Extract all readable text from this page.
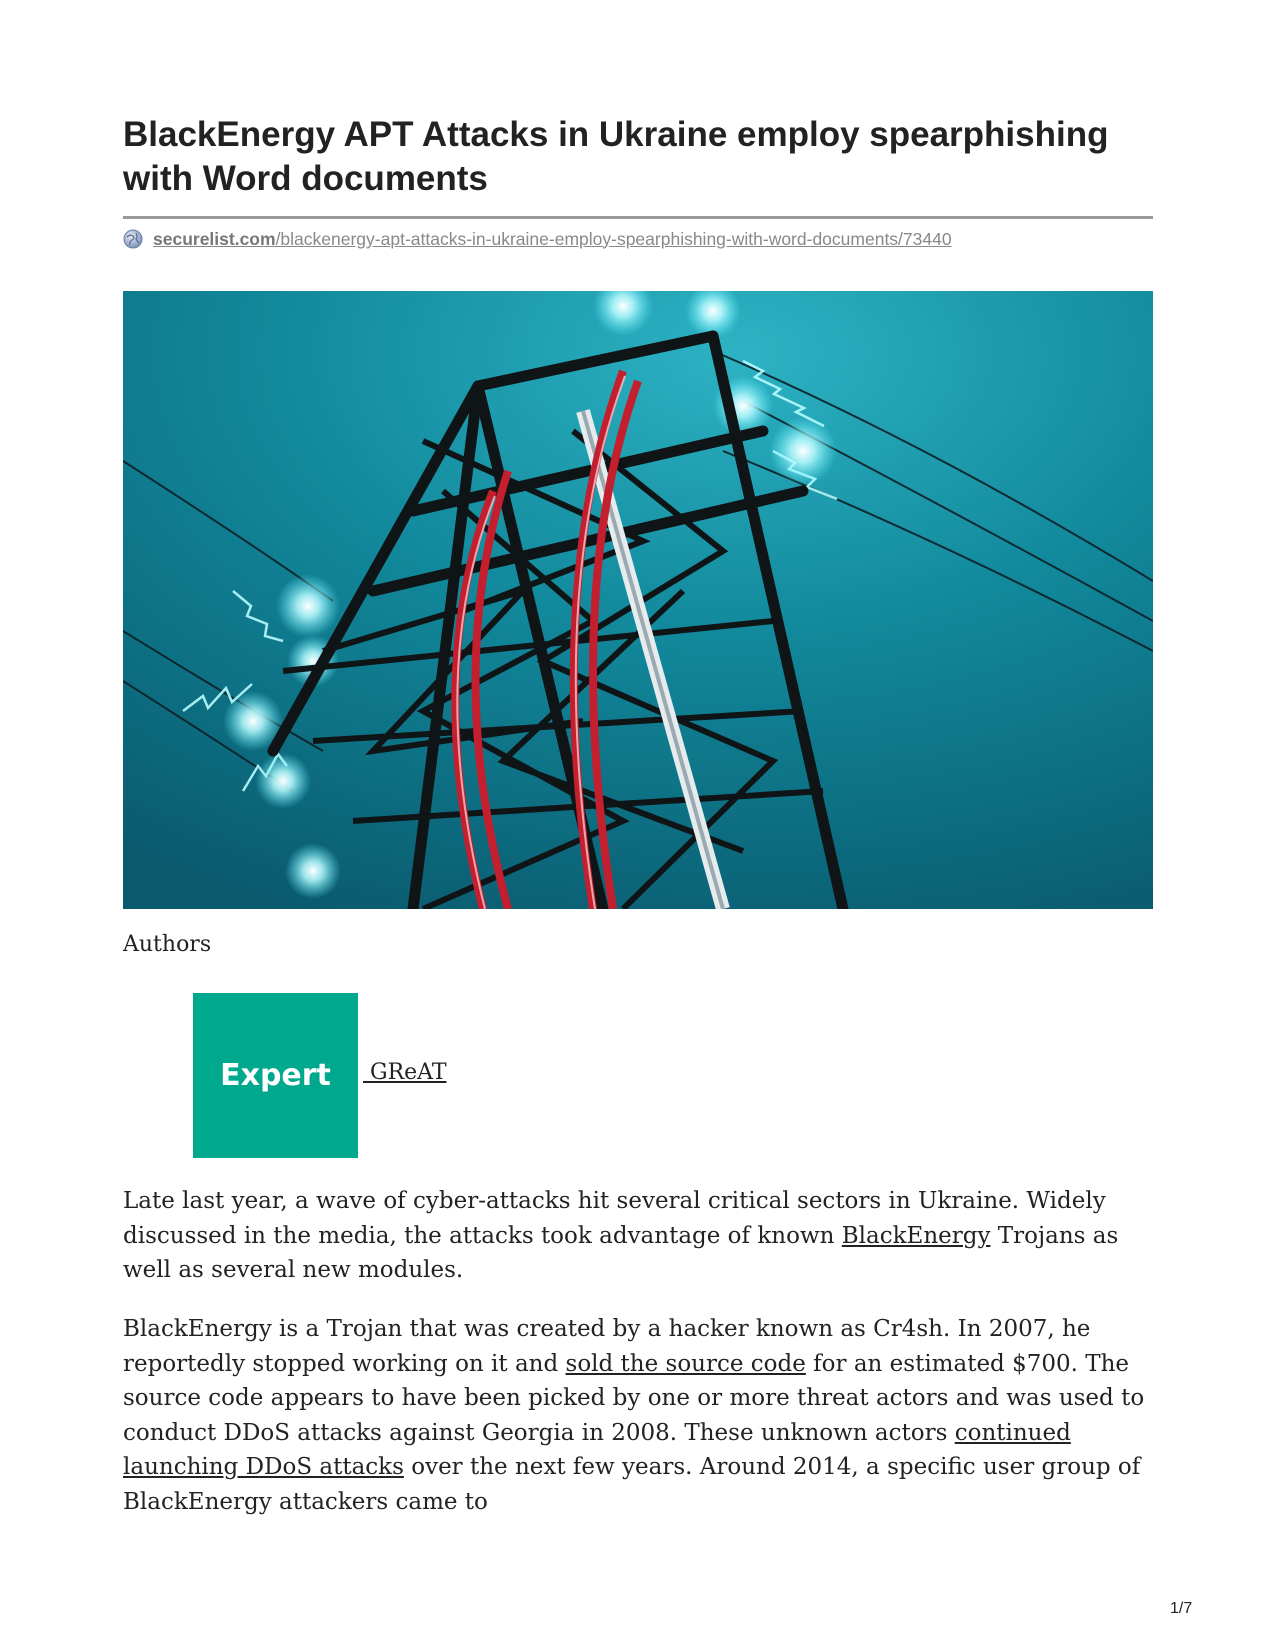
BlackEnergy APT Attacks in Ukraine employ spearphishing with Word documents
securelist.com/blackenergy-apt-attacks-in-ukraine-employ-spearphishing-with-word-documents/73440
Authors
Expert GReAT

Late last year, a wave of cyber-attacks hit several critical sectors in Ukraine. Widely discussed in the media, the attacks took advantage of known BlackEnergy Trojans as well as several new modules.

BlackEnergy is a Trojan that was created by a hacker known as Cr4sh. In 2007, he reportedly stopped working on it and sold the source code for an estimated $700. The source code appears to have been picked by one or more threat actors and was used to conduct DDoS attacks against Georgia in 2008. These unknown actors continued launching DDoS attacks over the next few years. Around 2014, a specific user group of BlackEnergy attackers came to

1/7
